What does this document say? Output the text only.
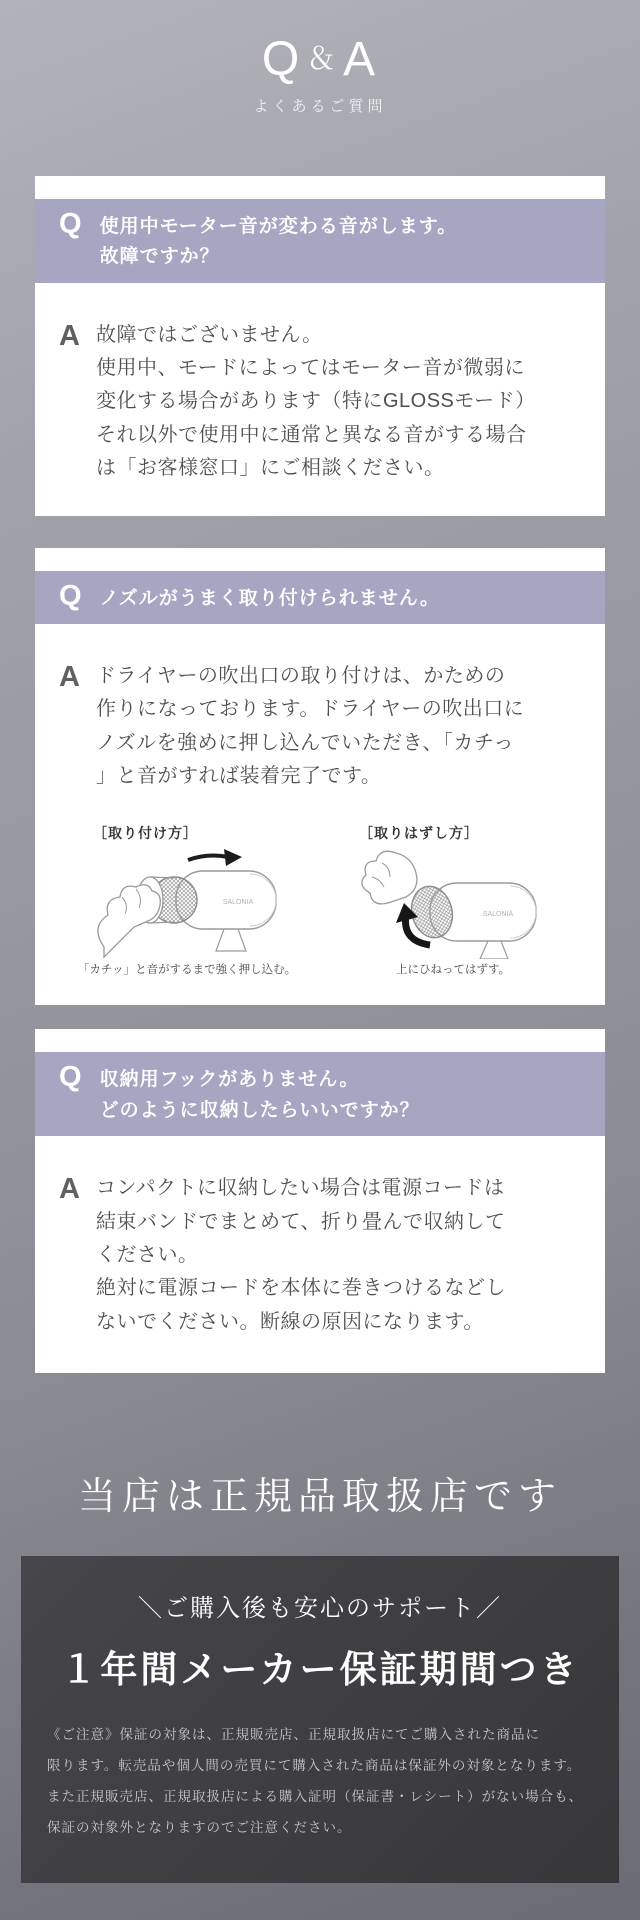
Q ＆A
よくあるご質問
Q 使用中モーター音が変わる音がします。
故障ですか？
A 故障ではございません。
使用中、モードによってはモーター音が微弱に
変化する場合があります（特にGLOSSモード）
それ以外で使用中に通常と異なる音がする場合
は「お客様窓口」にご相談ください。
Q ノズルがうまく取り付けられません。
A ドライヤーの吹出口の取り付けは、かための
作りになっております。ドライヤーの吹出口に
ノズルを強めに押し込んでいただき、「カチっ
」と音がすれば装着完了です。
［取り付け方］
SALONIA
「カチッ」と音がするまで強く押し込む。
［取りはずし方］
SALONIA
上にひねってはずす。
Q 収納用フックがありません。
どのように収納したらいいですか？
A コンパクトに収納したい場合は電源コードは
結束バンドでまとめて、折り畳んで収納して
ください。
絶対に電源コードを本体に巻きつけるなどし
ないでください。断線の原因になります。
当店は正規品取扱店です
＼ご購入後も安心のサポート／
１年間メーカー保証期間つき
《ご注意》保証の対象は、正規販売店、正規取扱店にてご購入された商品に
限ります。転売品や個人間の売買にて購入された商品は保証外の対象となります。
また正規販売店、正規取扱店による購入証明（保証書・レシート）がない場合も、
保証の対象外となりますのでご注意ください。
